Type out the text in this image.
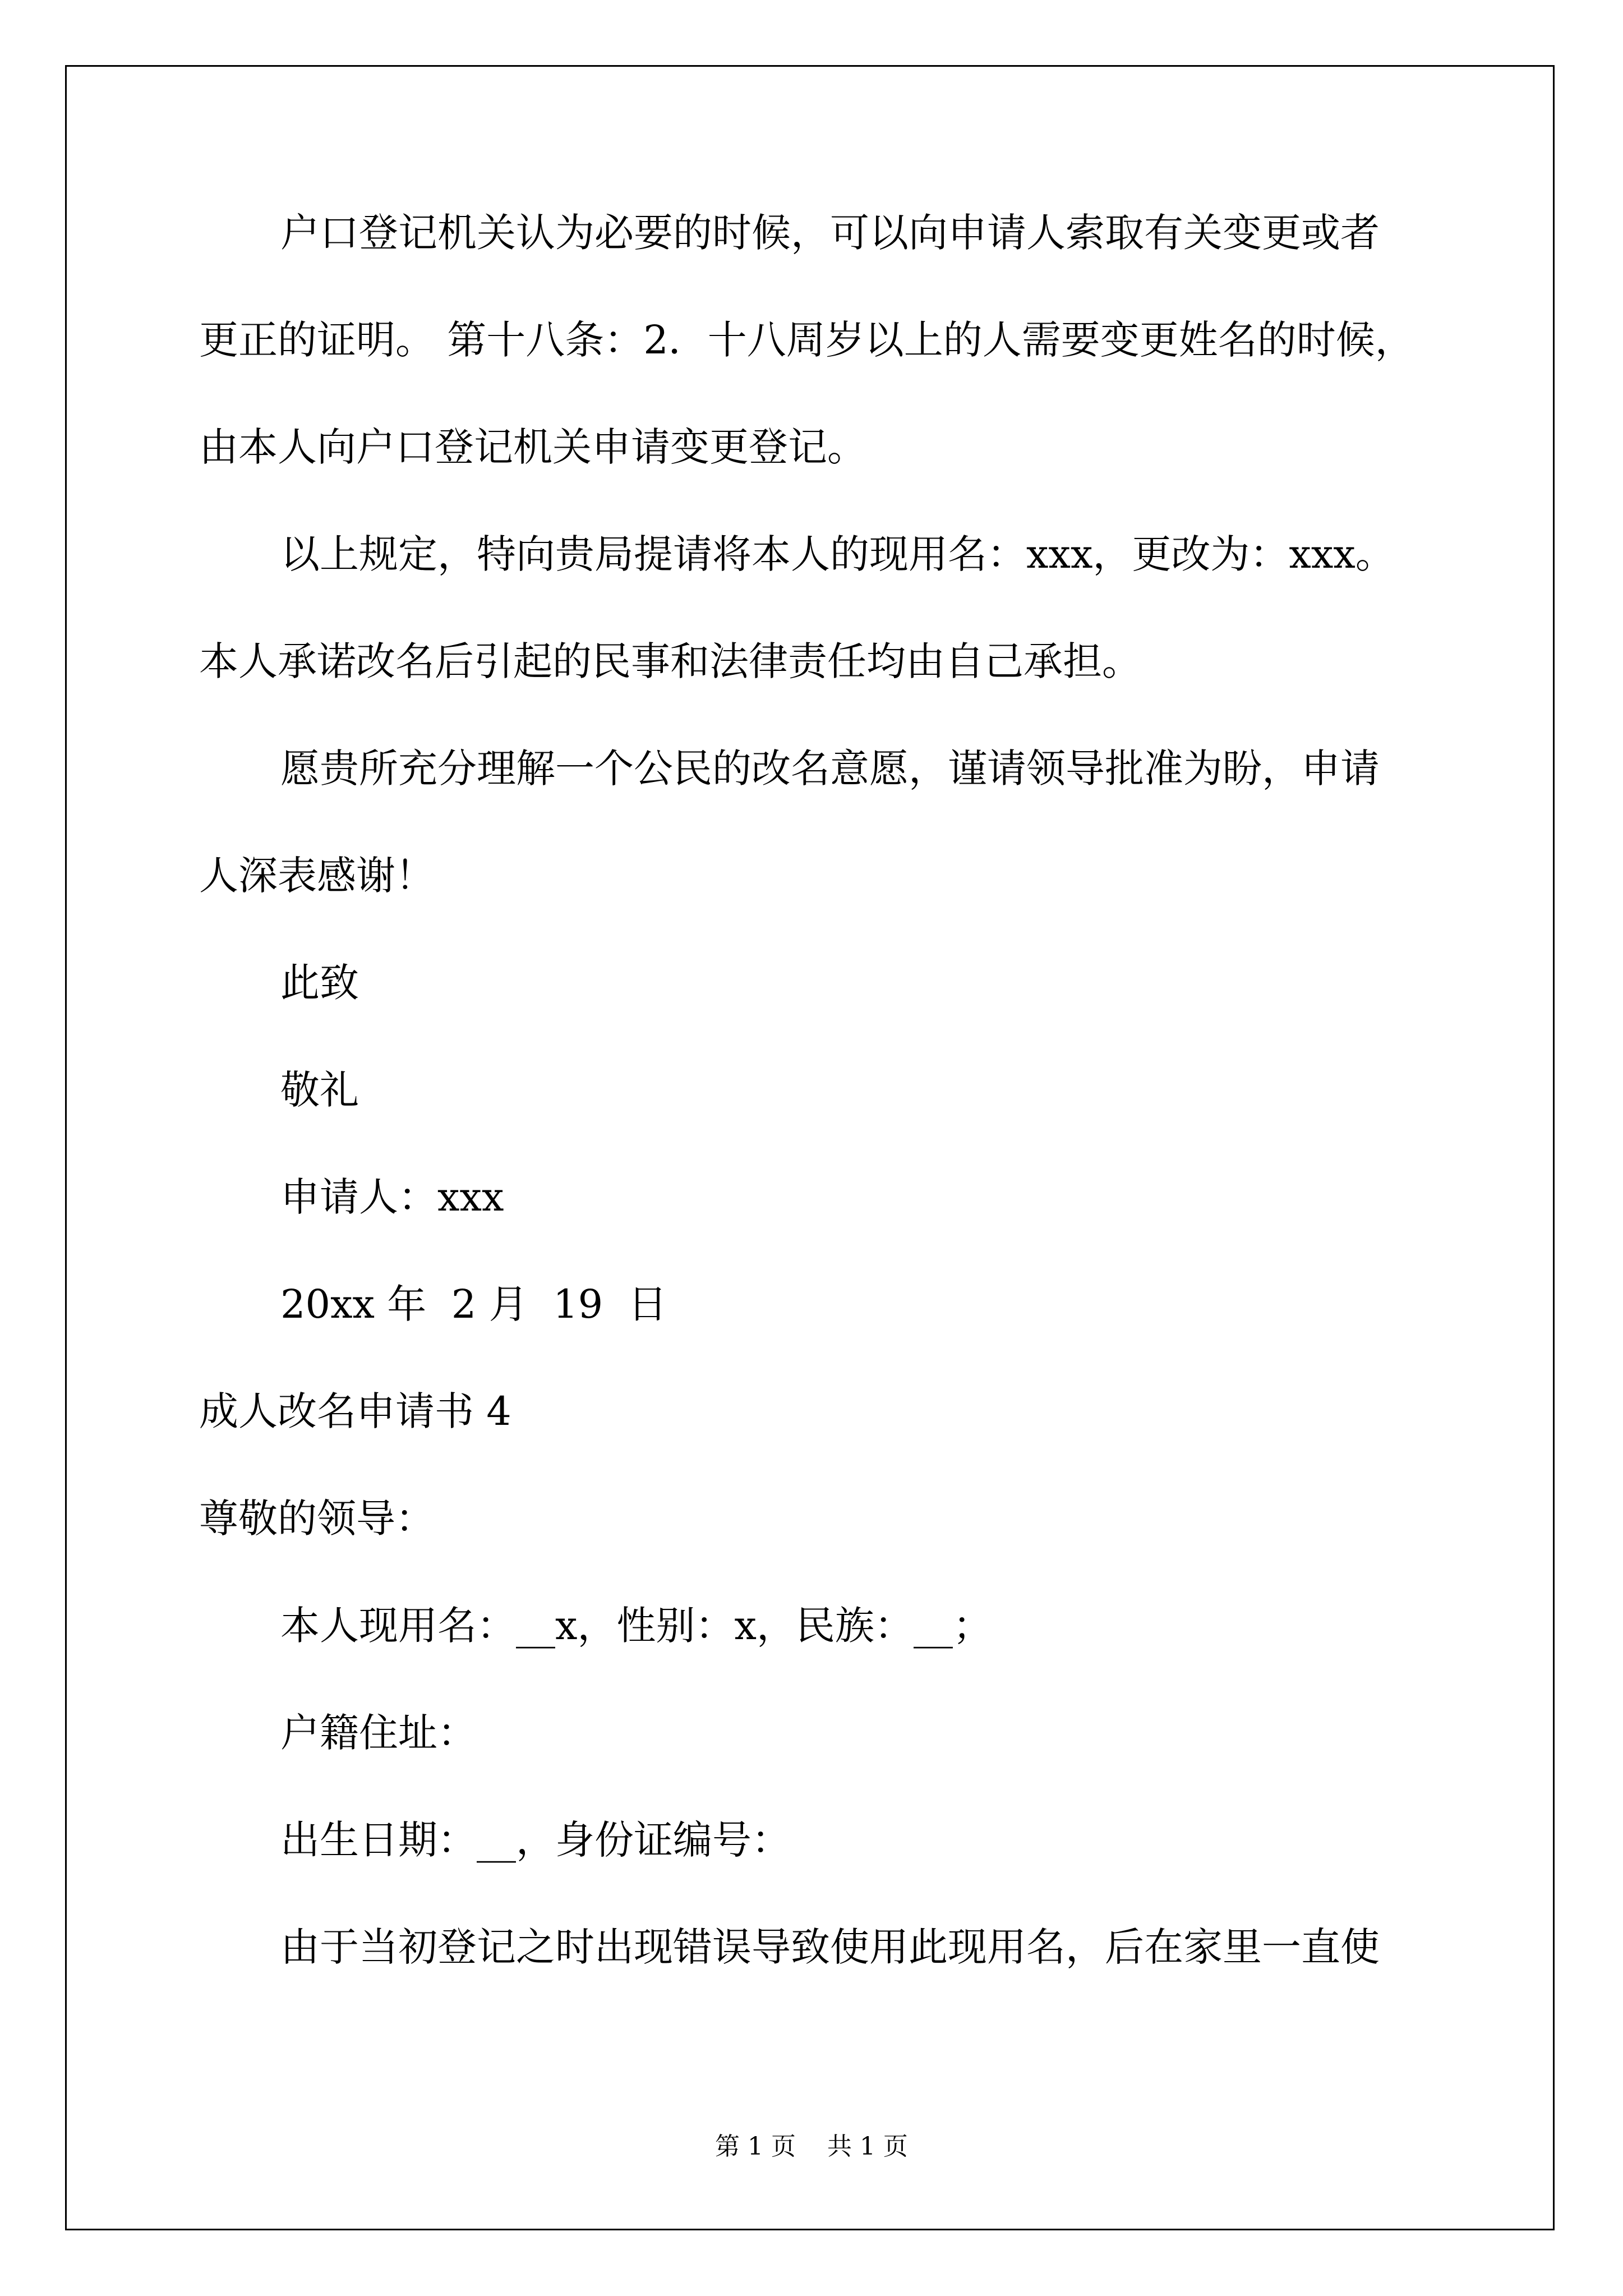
户口登记机关认为必要的时候，可以向申请人索取有关变更或者
更正的证明。 第十八条：2．十八周岁以上的人需要变更姓名的时候，
由本人向户口登记机关申请变更登记。
以上规定，特向贵局提请将本人的现用名：xxx，更改为：xxx。
本人承诺改名后引起的民事和法律责任均由自己承担。
愿贵所充分理解一个公民的改名意愿，谨请领导批准为盼，申请
人深表感谢！
此致
敬礼
申请人：xxx
20xx 年  2 月  19  日
成人改名申请书 4
尊敬的领导：
本人现用名：__x，性别：x，民族：__；
户籍住址：
出生日期：__，身份证编号：
由于当初登记之时出现错误导致使用此现用名，后在家里一直使
第 1 页    共 1 页
